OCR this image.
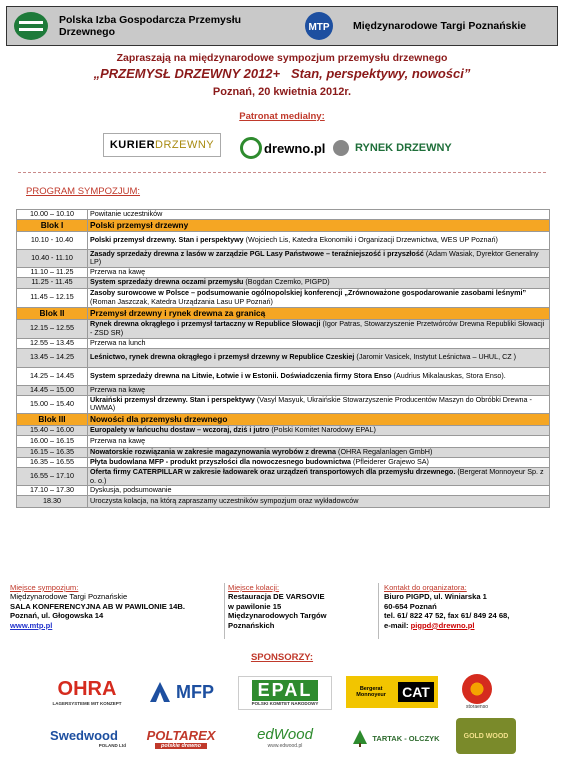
Polska Izba Gospodarcza Przemysłu Drzewnego	MTP Międzynarodowe Targi Poznańskie
Zapraszają na międzynarodowe sympozjum przemysłu drzewnego
„PRZEMYSŁ DRZEWNY 2012+   Stan, perspektywy, nowości”
Poznań, 20 kwietnia 2012r.
Patronat medialny:
KURIER DRZEWNY	drewno.pl	RYNEK DRZEWNY
PROGRAM SYMPOZJUM:
10.00 – 10.10	Powitanie uczestników
Blok I	Polski przemysł drzewny
10.10 - 10.40	Polski przemysł drzewny. Stan i perspektywy (Wojciech Lis, Katedra Ekonomiki i Organizacji Drzewnictwa, WES UP Poznań)
10.40 - 11.10	Zasady sprzedaży drewna z lasów w zarządzie PGL Lasy Państwowe – teraźniejszość i przyszłość (Adam Wasiak, Dyrektor Generalny LP)
11.10 – 11.25	Przerwa na kawę
11.25 - 11.45	System sprzedaży drewna oczami przemysłu (Bogdan Czemko, PIGPD)
11.45 – 12.15	Zasoby surowcowe w Polsce – podsumowanie ogólnopolskiej konferencji „Zrównoważone gospodarowanie zasobami leśnymi” (Roman Jaszczak, Katedra Urządzania Lasu UP Poznań)
Blok II	Przemysł drzewny i rynek drewna za granicą
12.15 – 12.55	Rynek drewna okrągłego i przemysł tartaczny w Republice Słowacji (Igor Patras, Stowarzyszenie Przetwórców Drewna Republiki Słowacji - ZSD SR)
12.55 – 13.45	Przerwa na lunch
13.45 – 14.25	Leśnictwo, rynek drewna okrągłego i przemysł drzewny w Republice Czeskiej (Jaromir Vasicek, Instytut Leśnictwa – UHUL, CZ )
14.25 – 14.45	System sprzedaży drewna na Litwie, Łotwie i w Estonii. Doświadczenia firmy Stora Enso (Audrius Mikalauskas, Stora Enso).
14.45 – 15.00	Przerwa na kawę
15.00 – 15.40	Ukraiński przemysł drzewny. Stan i perspektywy (Vasyl Masyuk, Ukraińskie Stowarzyszenie Producentów Maszyn do Obróbki Drewna - UWMA)
Blok III	Nowości dla przemysłu drzewnego
15.40 – 16.00	Europalety w łańcuchu dostaw – wczoraj, dziś i jutro (Polski Komitet Narodowy EPAL)
16.00 – 16.15	Przerwa na kawę
16.15 – 16.35	Nowatorskie rozwiązania w zakresie magazynowania wyrobów z drewna (OHRA Regalanlagen GmbH)
16.35 – 16.55	Płyta budowlana MFP - produkt przyszłości dla nowoczesnego budownictwa (Pfleiderer Grajewo SA)
16.55 – 17.10	Oferta firmy CATERPILLAR w zakresie ładowarek oraz urządzeń transportowych dla przemysłu drzewnego. (Bergerat Monnoyeur Sp. z o. o.)
17.10 – 17.30	Dyskusja, podsumowanie
18.30	Uroczysta kolacja, na którą zapraszamy uczestników sympozjum oraz wykładowców
Miejsce sympozjum:
Międzynarodowe Targi Poznańskie
SALA KONFERENCYJNA AB W PAWILONIE 14B.
Poznań, ul. Głogowska 14
www.mtp.pl
Miejsce kolacji:
Restauracja DE VARSOVIE
w pawilonie 15
Międzynarodowych Targów
Poznańskich
Kontakt do organizatora:
Biuro PIGPD, ul. Winiarska 1
60-654 Poznań
tel. 61/ 822 47 52, fax 61/ 849 24 68,
e-mail: pigpd@drewno.pl
SPONSORZY:
OHRA
LAGERSYSTEME MIT KONZEPT
MFP	EPAL
POLSKI KOMITET NARODOWY
Bergerat Monnoyeur	CAT
storaenso
Swedwood
POLAND Ltd
POLTAREX
polskie drewno
edWood
www.edwood.pl
TARTAK - OLCZYK	GOLD WOOD
